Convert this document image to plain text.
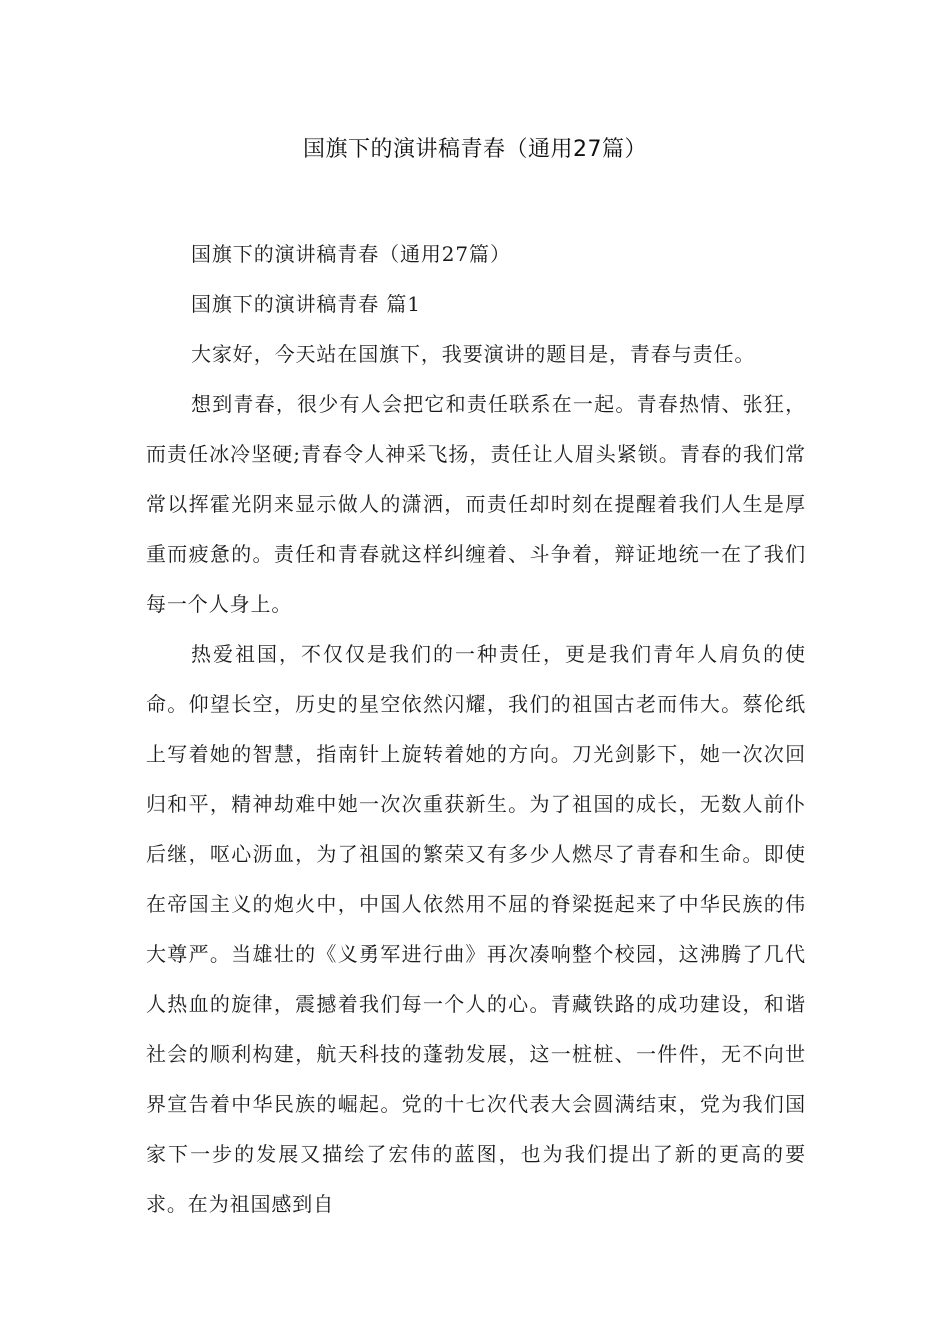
国旗下的演讲稿青春（通用27篇）

国旗下的演讲稿青春（通用27篇）

国旗下的演讲稿青春 篇1

大家好，今天站在国旗下，我要演讲的题目是，青春与责任。

想到青春，很少有人会把它和责任联系在一起。青春热情、张狂，而责任冰冷坚硬;青春令人神采飞扬，责任让人眉头紧锁。青春的我们常常以挥霍光阴来显示做人的潇洒，而责任却时刻在提醒着我们人生是厚重而疲惫的。责任和青春就这样纠缠着、斗争着，辩证地统一在了我们每一个人身上。

热爱祖国，不仅仅是我们的一种责任，更是我们青年人肩负的使命。仰望长空，历史的星空依然闪耀，我们的祖国古老而伟大。蔡伦纸上写着她的智慧，指南针上旋转着她的方向。刀光剑影下，她一次次回归和平，精神劫难中她一次次重获新生。为了祖国的成长，无数人前仆后继，呕心沥血，为了祖国的繁荣又有多少人燃尽了青春和生命。即使在帝国主义的炮火中，中国人依然用不屈的脊梁挺起来了中华民族的伟大尊严。当雄壮的《义勇军进行曲》再次凑响整个校园，这沸腾了几代人热血的旋律，震撼着我们每一个人的心。青藏铁路的成功建设，和谐社会的顺利构建，航天科技的蓬勃发展，这一桩桩、一件件，无不向世界宣告着中华民族的崛起。党的十七次代表大会圆满结束，党为我们国家下一步的发展又描绘了宏伟的蓝图，也为我们提出了新的更高的要求。在为祖国感到自
